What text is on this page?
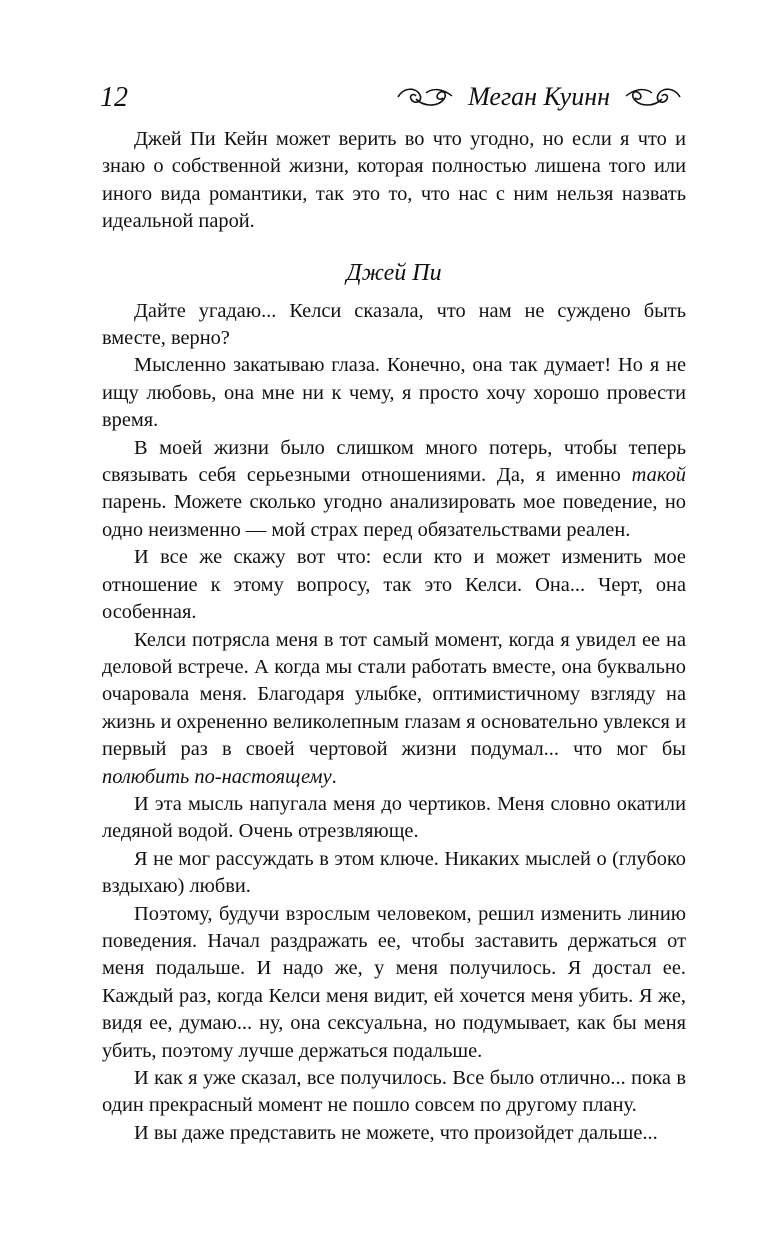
12	Меган Куинн

Джей Пи Кейн может верить во что угодно, но если я что и знаю о собственной жизни, которая полностью лишена того или иного вида романтики, так это то, что нас с ним нельзя назвать идеальной парой.

Джей Пи

Дайте угадаю... Келси сказала, что нам не суждено быть вместе, верно?

Мысленно закатываю глаза. Конечно, она так думает! Но я не ищу любовь, она мне ни к чему, я просто хочу хорошо провести время.

В моей жизни было слишком много потерь, чтобы теперь связывать себя серьезными отношениями. Да, я именно такой парень. Можете сколько угодно анализировать мое поведение, но одно неизменно — мой страх перед обязательствами реален.

И все же скажу вот что: если кто и может изменить мое отношение к этому вопросу, так это Келси. Она... Черт, она особенная.

Келси потрясла меня в тот самый момент, когда я увидел ее на деловой встрече. А когда мы стали работать вместе, она буквально очаровала меня. Благодаря улыбке, оптимистичному взгляду на жизнь и охрененно великолепным глазам я основательно увлекся и первый раз в своей чертовой жизни подумал... что мог бы полюбить по-настоящему.

И эта мысль напугала меня до чертиков. Меня словно окатили ледяной водой. Очень отрезвляюще.

Я не мог рассуждать в этом ключе. Никаких мыслей о (глубоко вздыхаю) любви.

Поэтому, будучи взрослым человеком, решил изменить линию поведения. Начал раздражать ее, чтобы заставить держаться от меня подальше. И надо же, у меня получилось. Я достал ее. Каждый раз, когда Келси меня видит, ей хочется меня убить. Я же, видя ее, думаю... ну, она сексуальна, но подумывает, как бы меня убить, поэтому лучше держаться подальше.

И как я уже сказал, все получилось. Все было отлично... пока в один прекрасный момент не пошло совсем по другому плану.

И вы даже представить не можете, что произойдет дальше...
